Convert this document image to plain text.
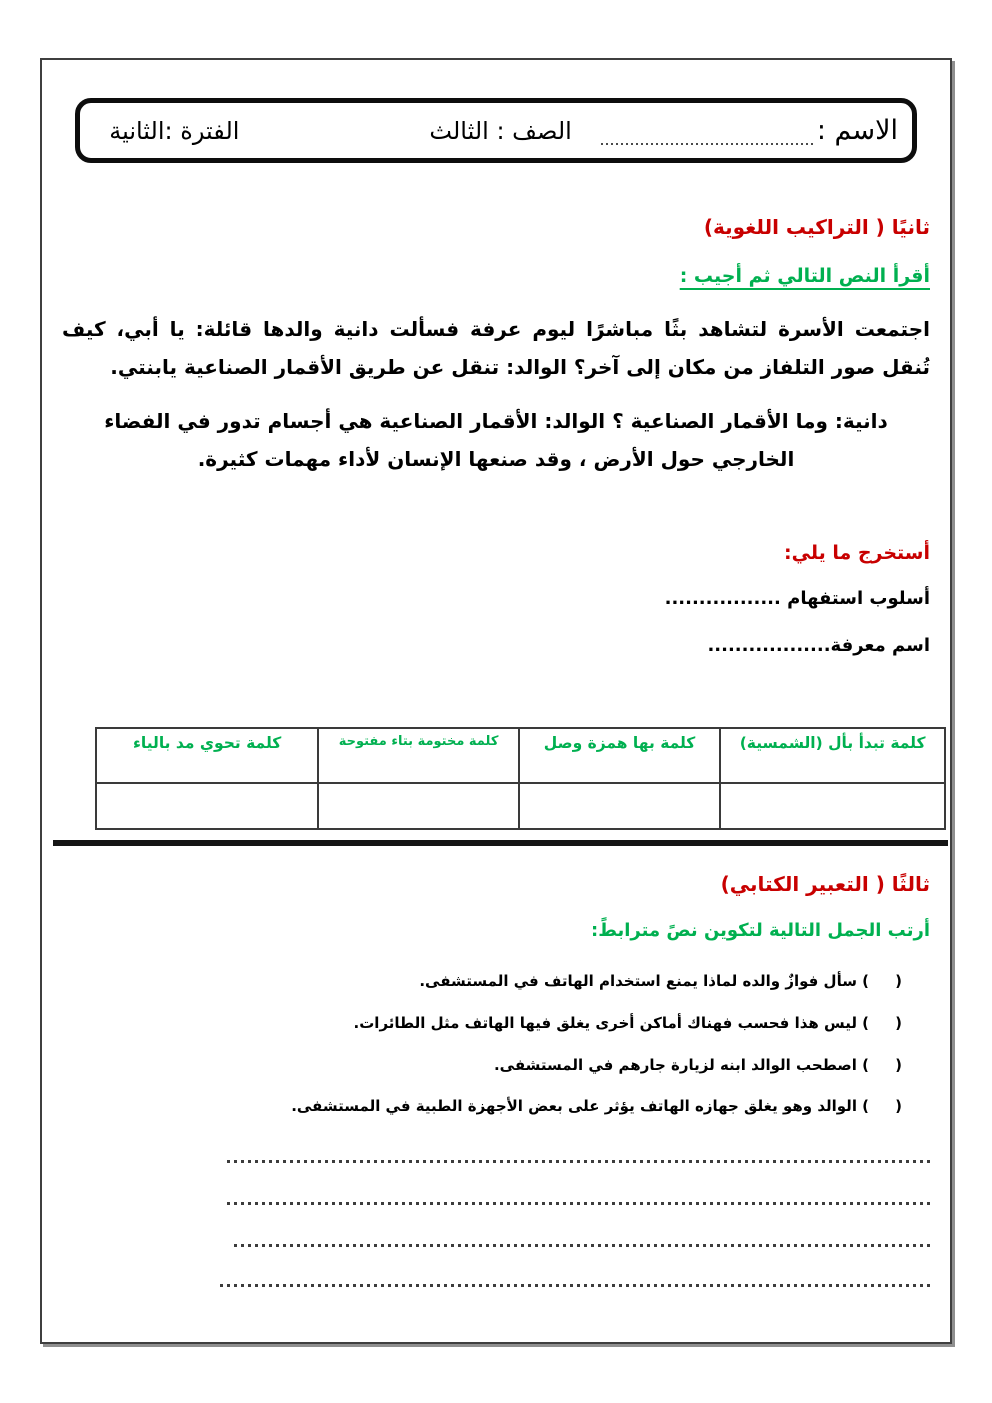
الاسم :
الصف : الثالث
الفترة :الثانية
ثانيًا ( التراكيب اللغوية)
أقرأ النص التالي ثم أجيب :
اجتمعت الأسرة لتشاهد بثًا مباشرًا ليوم عرفة فسألت دانية والدها قائلة: يا أبي، كيف تُنقل صور التلفاز من مكان إلى آخر؟ الوالد: تنقل عن طريق الأقمار الصناعية يابنتي.
دانية: وما الأقمار الصناعية ؟ الوالد: الأقمار الصناعية هي أجسام تدور في الفضاء الخارجي حول الأرض ، وقد صنعها الإنسان لأداء مهمات كثيرة.
أستخرج ما يلي:
أسلوب استفهام .................
اسم معرفة..................
كلمة تبدأ بأل (الشمسية)	كلمة بها همزة وصل	كلمة مختومة بتاء مفتوحة	كلمة تحوي مد بالياء

ثالثًا ( التعبير الكتابي)
أرتب الجمل التالية لتكوين نصً مترابطً:
(     ) سأل فوازٌ والده لماذا يمنع استخدام الهاتف في المستشفى.
(     ) ليس هذا فحسب فهناك أماكن أخرى يغلق فيها الهاتف مثل الطائرات.
(     ) اصطحب الوالد ابنه لزيارة جارهم في المستشفى.
(     ) الوالد وهو يغلق جهازه الهاتف يؤثر على بعض الأجهزة الطبية في المستشفى.
